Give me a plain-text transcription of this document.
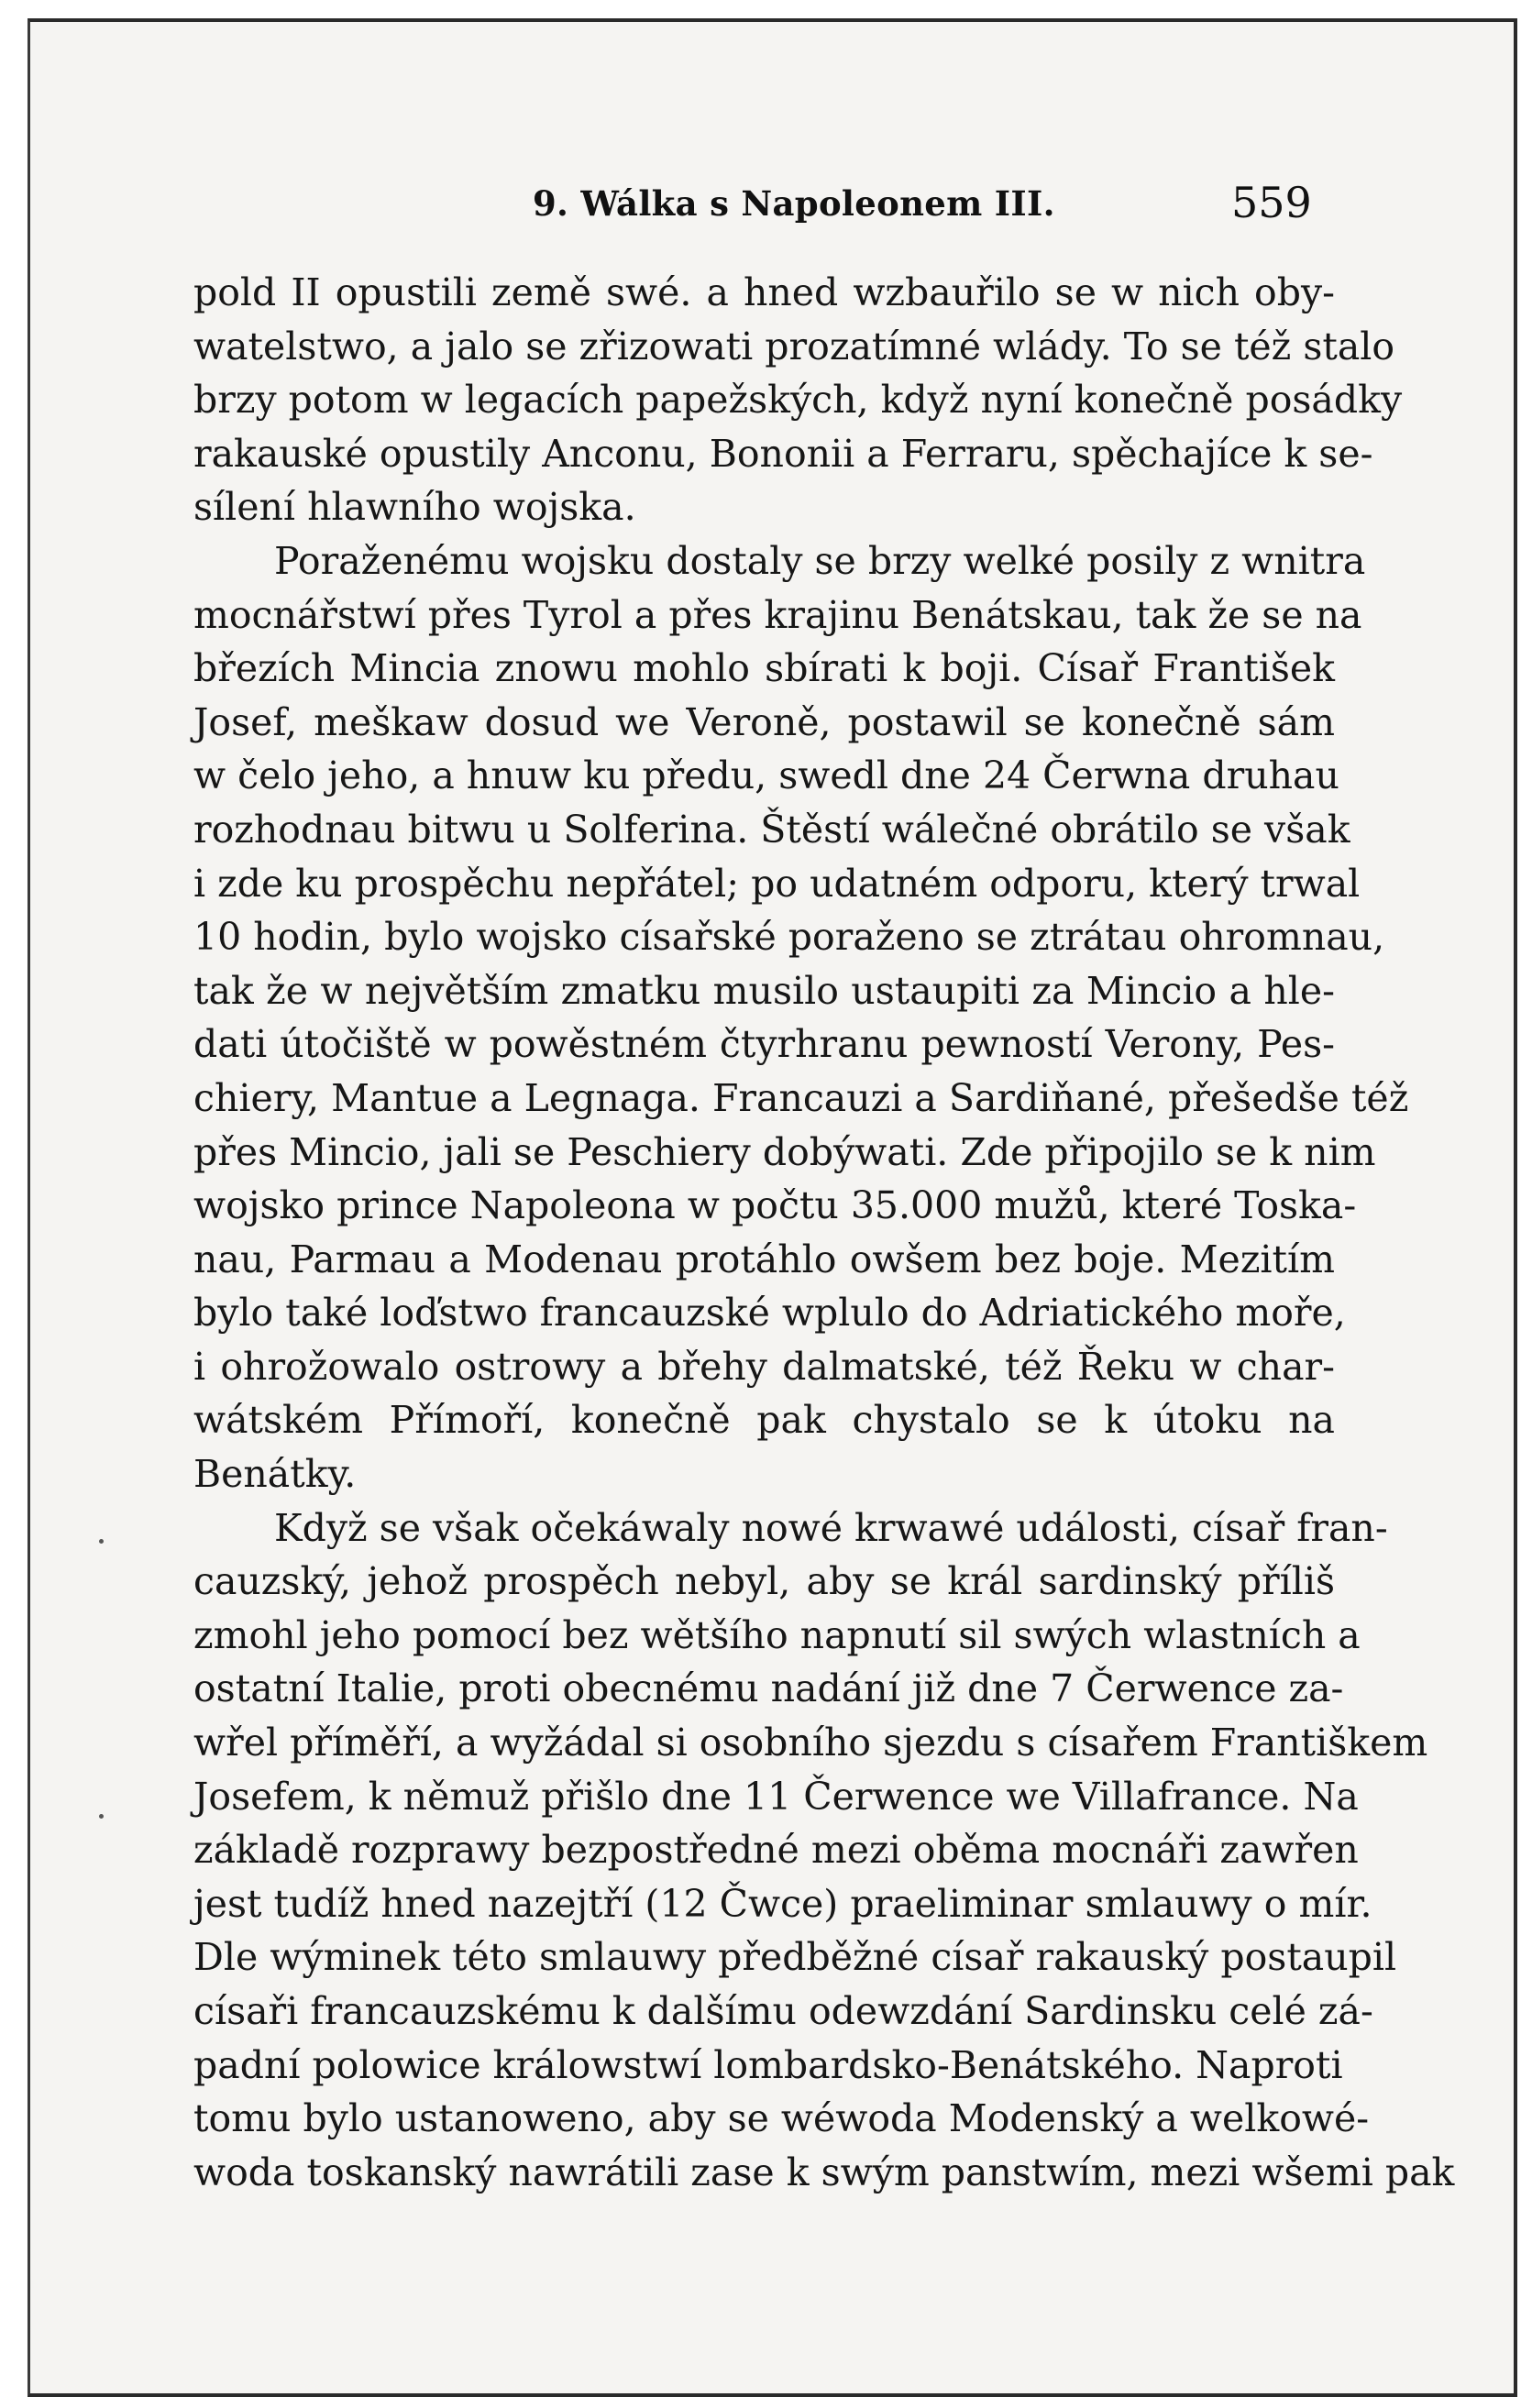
9. Wálka s Napoleonem III.	559
pold II opustili země swé. a hned wzbauřilo se w nich oby-
watelstwo, a jalo se zřizowati prozatímné wlády. To se též stalo
brzy potom w legacích papežských, když nyní konečně posádky
rakauské opustily Anconu, Bononii a Ferraru, spěchajíce k se-
sílení hlawního wojska.
Poraženému wojsku dostaly se brzy welké posily z wnitra
mocnářstwí přes Tyrol a přes krajinu Benátskau, tak že se na
březích Mincia znowu mohlo sbírati k boji. Císař František
Josef, meškaw dosud we Veroně, postawil se konečně sám
w čelo jeho, a hnuw ku předu, swedl dne 24 Čerwna druhau
rozhodnau bitwu u Solferina. Štěstí wálečné obrátilo se však
i zde ku prospěchu nepřátel; po udatném odporu, který trwal
10 hodin, bylo wojsko císařské poraženo se ztrátau ohromnau,
tak že w největším zmatku musilo ustaupiti za Mincio a hle-
dati útočiště w powěstném čtyrhranu pewností Verony, Pes-
chiery, Mantue a Legnaga. Francauzi a Sardiňané, přešedše též
přes Mincio, jali se Peschiery dobýwati. Zde připojilo se k nim
wojsko prince Napoleona w počtu 35.000 mužů, které Toska-
nau, Parmau a Modenau protáhlo owšem bez boje. Mezitím
bylo také loďstwo francauzské wplulo do Adriatického moře,
i ohrožowalo ostrowy a břehy dalmatské, též Řeku w char-
wátském Přímoří, konečně pak chystalo se k útoku na
Benátky.
Když se však očekáwaly nowé krwawé události, císař fran-
cauzský, jehož prospěch nebyl, aby se král sardinský příliš
zmohl jeho pomocí bez wětšího napnutí sil swých wlastních a
ostatní Italie, proti obecnému nadání již dne 7 Čerwence za-
wřel příměří, a wyžádal si osobního sjezdu s císařem Františkem
Josefem, k němuž přišlo dne 11 Čerwence we Villafrance. Na
základě rozprawy bezpostředné mezi oběma mocnáři zawřen
jest tudíž hned nazejtří (12 Čwce) praeliminar smlauwy o mír.
Dle wýminek této smlauwy předběžné císař rakauský postaupil
císaři francauzskému k dalšímu odewzdání Sardinsku celé zá-
padní polowice králowstwí lombardsko-Benátského. Naproti
tomu bylo ustanoweno, aby se wéwoda Modenský a welkowé-
woda toskanský nawrátili zase k swým panstwím, mezi wšemi pak
